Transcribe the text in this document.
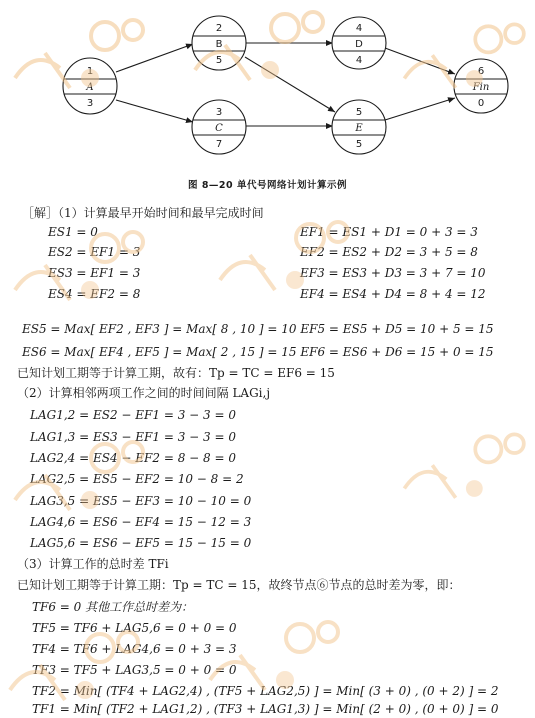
1
A
3
2
B
5
3
C
7
4
D
4
5
E
5
6
Fin
0
图 8—20 单代号网络计划计算示例
［解］（1）计算最早开始时间和最早完成时间
ES1 = 0
ES2 = EF1 = 3
ES3 = EF1 = 3
ES4 = EF2 = 8
EF1 = ES1 + D1 = 0 + 3 = 3
EF2 = ES2 + D2 = 3 + 5 = 8
EF3 = ES3 + D3 = 3 + 7 = 10
EF4 = ES4 + D4 = 8 + 4 = 12
ES5 = Max[ EF2 , EF3 ] = Max[ 8 , 10 ] = 10 EF5 = ES5 + D5 = 10 + 5 = 15
ES6 = Max[ EF4 , EF5 ] = Max[ 2 , 15 ] = 15 EF6 = ES6 + D6 = 15 + 0 = 15
已知计划工期等于计算工期，故有：Tp = TC = EF6 = 15
（2）计算相邻两项工作之间的时间间隔 LAGi,j
LAG1,2 = ES2 − EF1 = 3 − 3 = 0
LAG1,3 = ES3 − EF1 = 3 − 3 = 0
LAG2,4 = ES4 − EF2 = 8 − 8 = 0
LAG2,5 = ES5 − EF2 = 10 − 8 = 2
LAG3,5 = ES5 − EF3 = 10 − 10 = 0
LAG4,6 = ES6 − EF4 = 15 − 12 = 3
LAG5,6 = ES6 − EF5 = 15 − 15 = 0
（3）计算工作的总时差 TFi
已知计划工期等于计算工期：Tp = TC = 15，故终节点⑥节点的总时差为零，即：
TF6 = 0 其他工作总时差为：
TF5 = TF6 + LAG5,6 = 0 + 0 = 0
TF4 = TF6 + LAG4,6 = 0 + 3 = 3
TF3 = TF5 + LAG3,5 = 0 + 0 = 0
TF2 = Min[ (TF4 + LAG2,4) , (TF5 + LAG2,5) ] = Min[ (3 + 0) , (0 + 2) ] = 2
TF1 = Min[ (TF2 + LAG1,2) , (TF3 + LAG1,3) ] = Min[ (2 + 0) , (0 + 0) ] = 0
